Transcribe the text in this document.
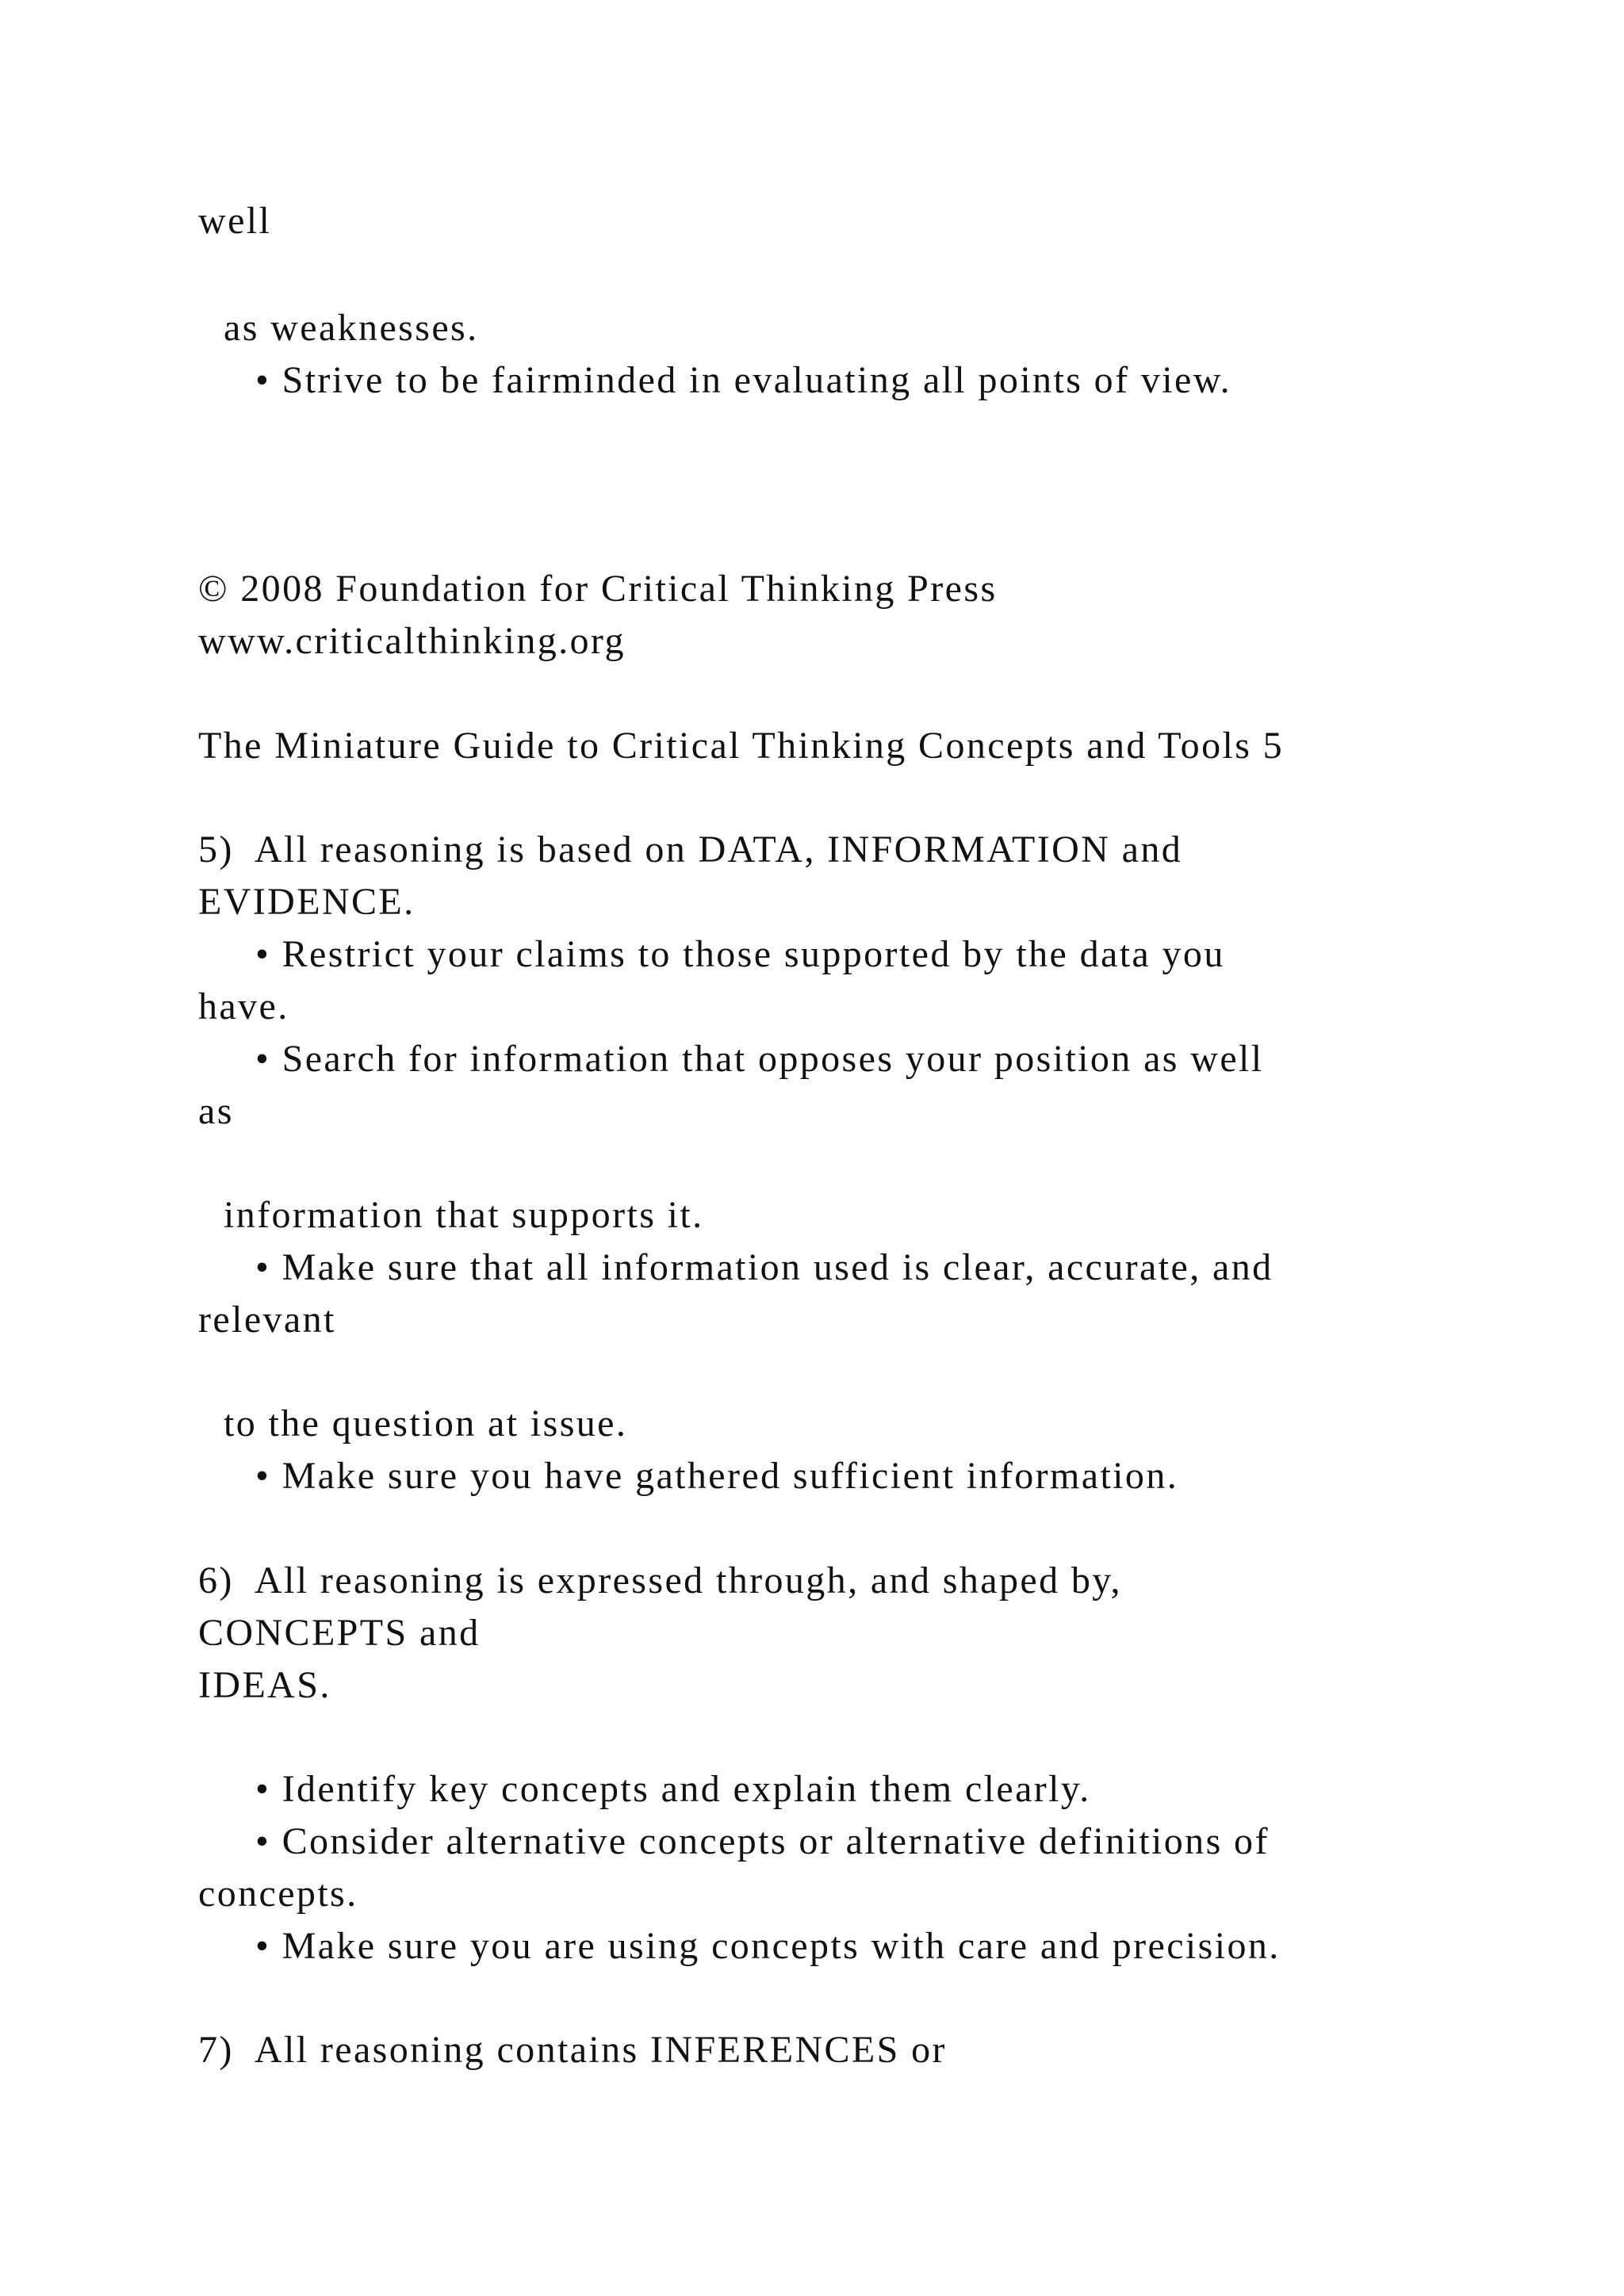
well

as weaknesses.

• Strive to be fairminded in evaluating all points of view.

© 2008 Foundation for Critical Thinking Press

www.criticalthinking.org

The Miniature Guide to Critical Thinking Concepts and Tools 5

5)  All reasoning is based on DATA, INFORMATION and

EVIDENCE.

• Restrict your claims to those supported by the data you

have.

• Search for information that opposes your position as well

as

information that supports it.

• Make sure that all information used is clear, accurate, and

relevant

to the question at issue.

• Make sure you have gathered sufficient information.

6)  All reasoning is expressed through, and shaped by,

CONCEPTS and

IDEAS.

• Identify key concepts and explain them clearly.

• Consider alternative concepts or alternative definitions of

concepts.

• Make sure you are using concepts with care and precision.

7)  All reasoning contains INFERENCES or
